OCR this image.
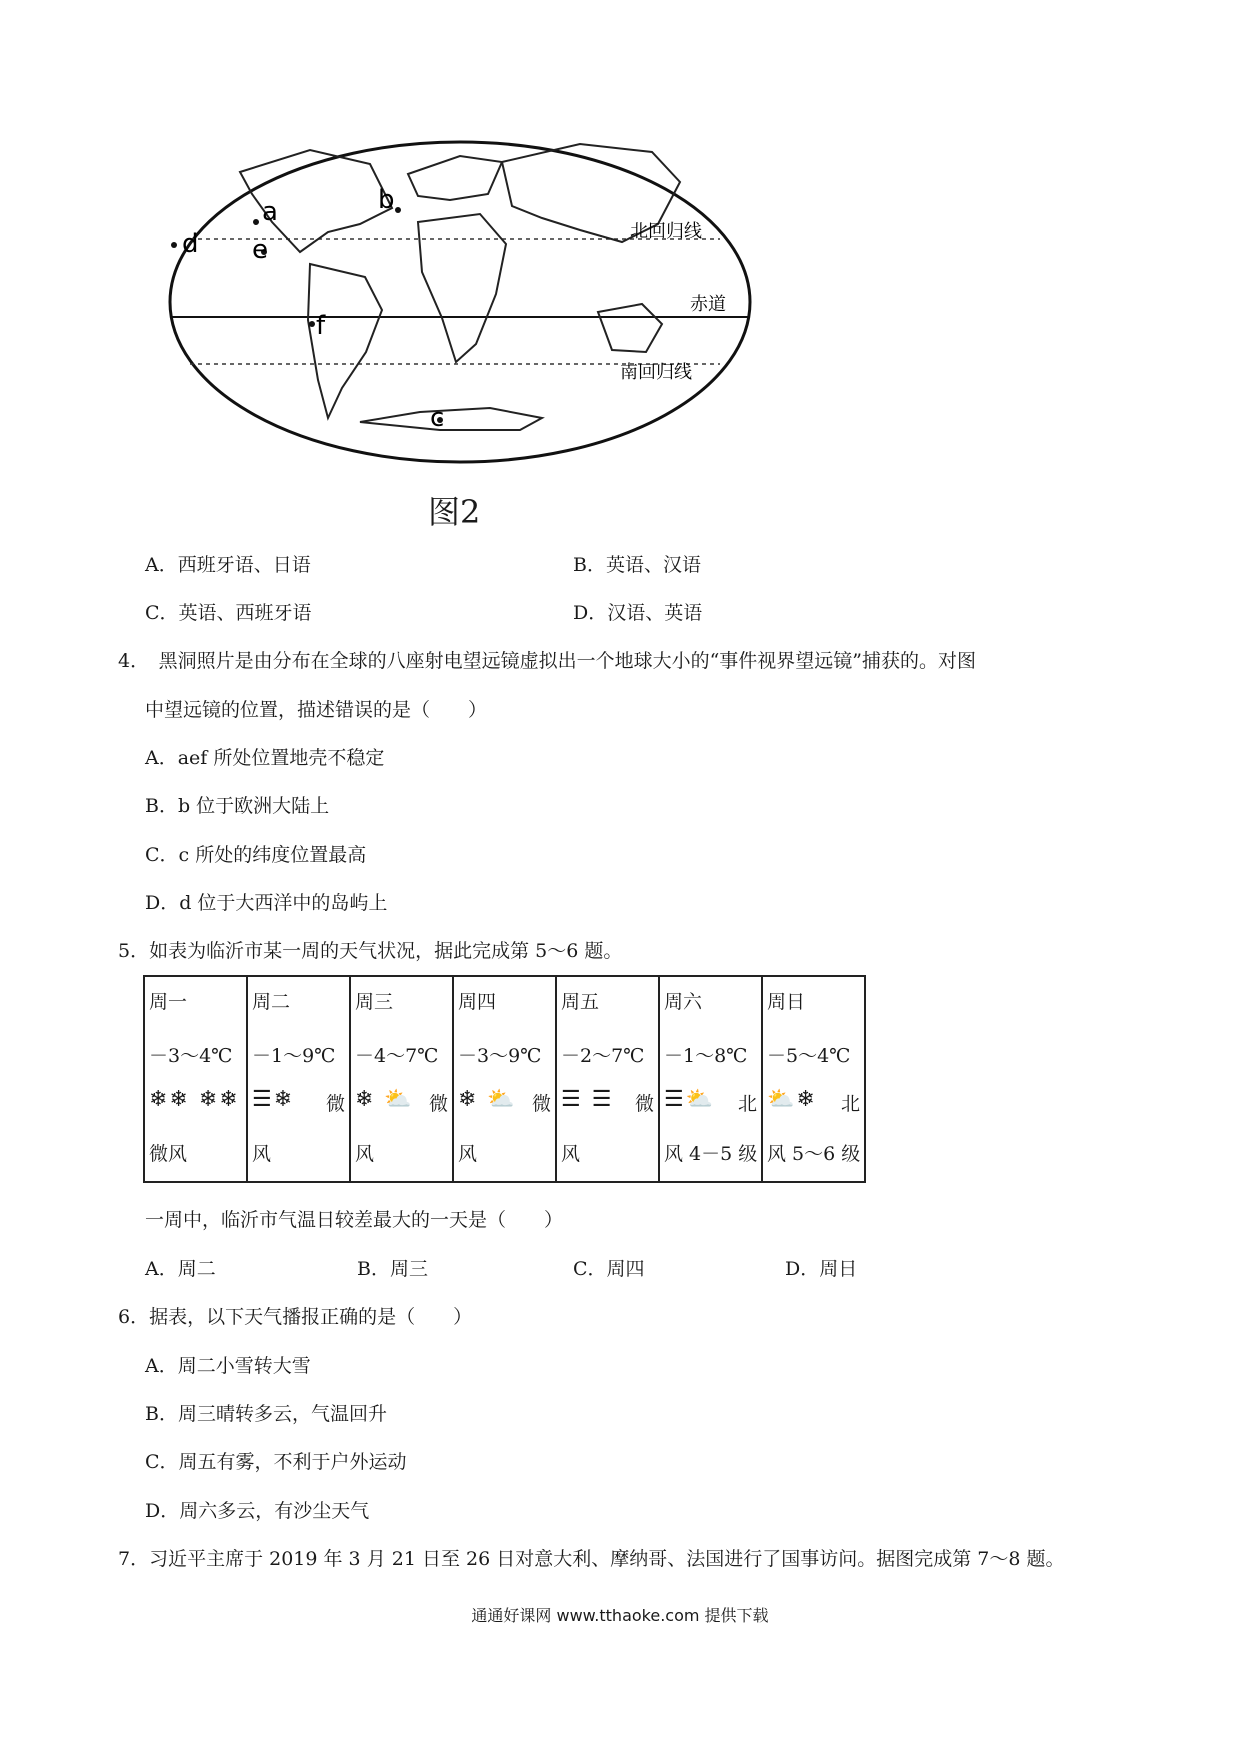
a	b
c
d e
f
北回归线
赤道
南回归线
图2
A．西班牙语、日语	B．英语、汉语
C．英语、西班牙语	D．汉语、英语
4．　黑洞照片是由分布在全球的八座射电望远镜虚拟出一个地球大小的“事件视界望远镜”捕获的。对图
中望远镜的位置，描述错误的是（　　）
A．aef 所处位置地壳不稳定
B．b 位于欧洲大陆上
C．c 所处的纬度位置最高
D．d 位于大西洋中的岛屿上
5．如表为临沂市某一周的天气状况，据此完成第 5～6 题。
周一
－3～4℃
❄❄ ❄❄
微风

周二
－1～9℃
☰❄ 微
风

周三
－4～7℃
❄ ⛅ 微
风

周四
－3～9℃
❄ ⛅ 微
风

周五
－2～7℃
☰ ☰ 微
风

周六
－1～8℃
☰⛅ 北
风 4－5 级

周日
－5～4℃
⛅❄ 北
风 5～6 级
一周中，临沂市气温日较差最大的一天是（　　）
A．周二	B．周三	C．周四	D．周日
6．据表，以下天气播报正确的是（　　）
A．周二小雪转大雪
B．周三晴转多云，气温回升
C．周五有雾，不利于户外运动
D．周六多云，有沙尘天气
7．习近平主席于 2019 年 3 月 21 日至 26 日对意大利、摩纳哥、法国进行了国事访问。据图完成第 7～8 题。
通通好课网 www.tthaoke.com 提供下载
